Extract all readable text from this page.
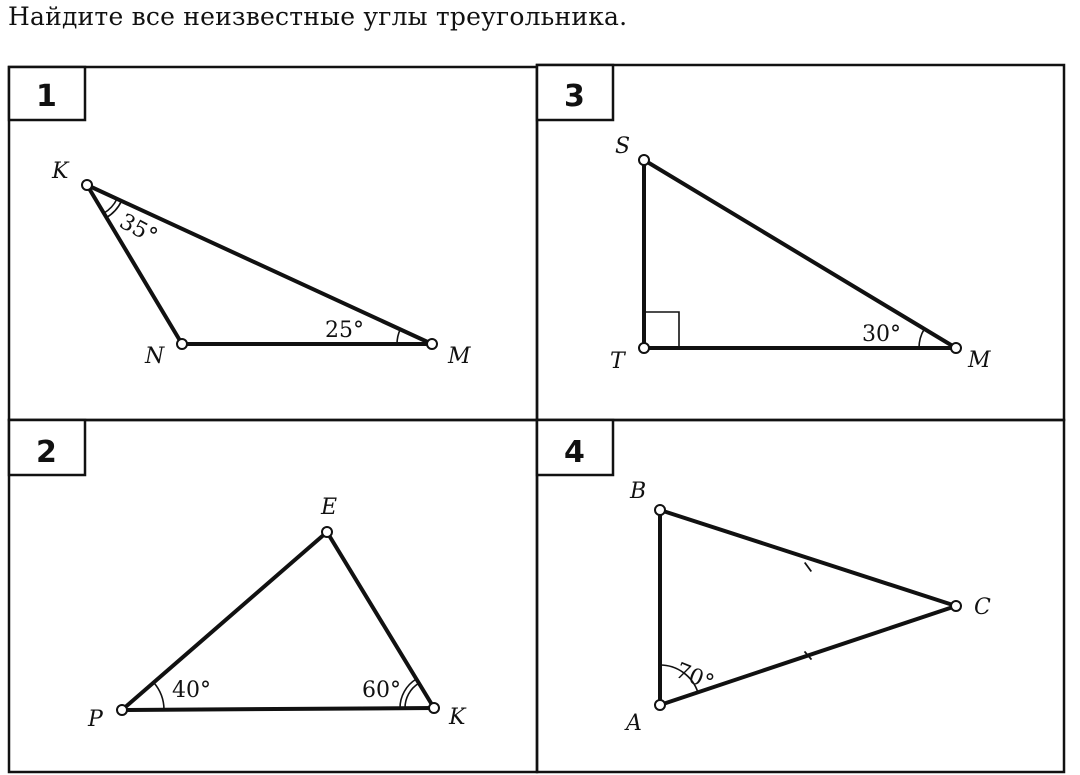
Найдите все неизвестные углы треугольника.
1
K
N	M
35°
25°
3
S
T	M
30°
2
E
P	K
40°	60°
4
B
C
A
70°
